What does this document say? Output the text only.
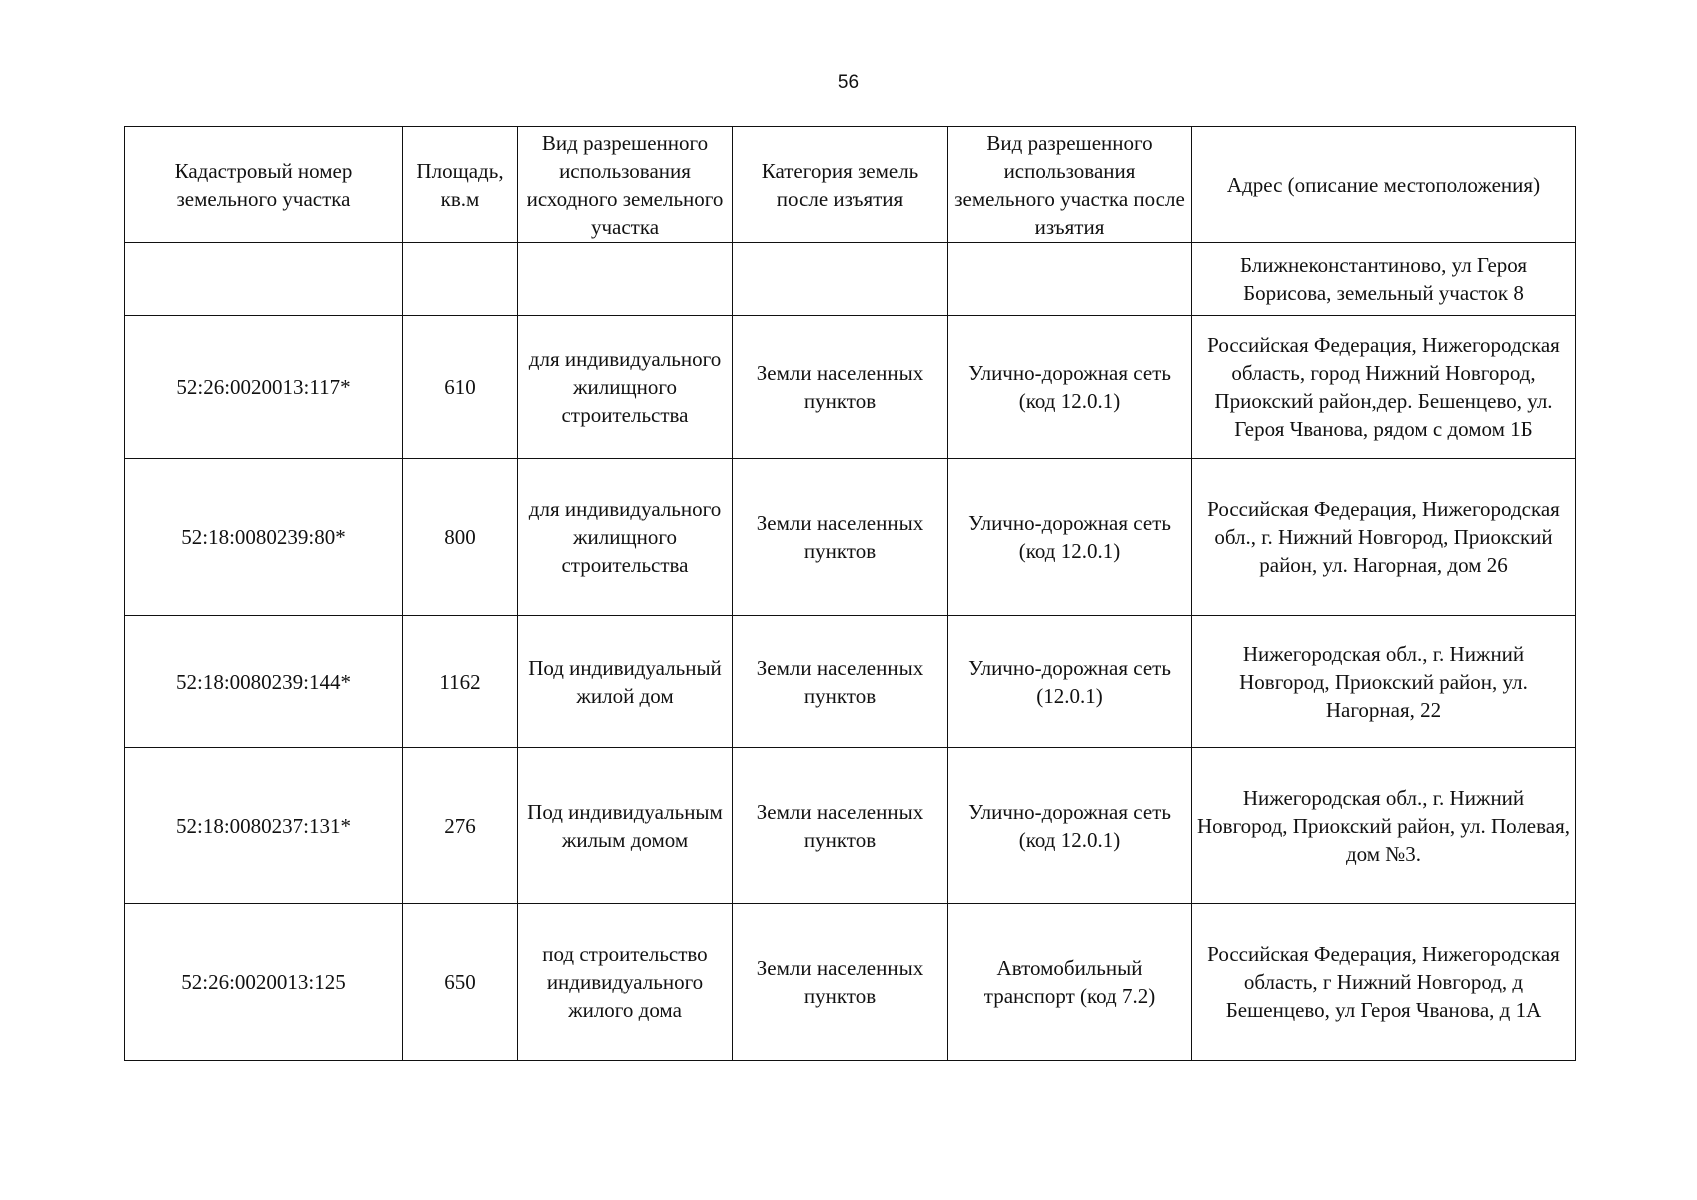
56
Кадастровый номер земельного участка	Площадь, кв.м	Вид разрешенного использования исходного земельного участка	Категория земель после изъятия	Вид разрешенного использования земельного участка после изъятия	Адрес (описание местоположения)
					Ближнеконстантиново, ул Героя Борисова, земельный участок 8
52:26:0020013:117*	610	для индивидуального жилищного строительства	Земли населенных пунктов	Улично-дорожная сеть (код 12.0.1)	Российская Федерация, Нижегородская область, город Нижний Новгород, Приокский район,дер. Бешенцево, ул. Героя Чванова, рядом с домом 1Б
52:18:0080239:80*	800	для индивидуального жилищного строительства	Земли населенных пунктов	Улично-дорожная сеть (код 12.0.1)	Российская Федерация, Нижегородская обл., г. Нижний Новгород, Приокский район, ул. Нагорная, дом 26
52:18:0080239:144*	1162	Под индивидуальный жилой дом	Земли населенных пунктов	Улично-дорожная сеть (12.0.1)	Нижегородская обл., г. Нижний Новгород, Приокский район, ул. Нагорная, 22
52:18:0080237:131*	276	Под индивидуальным жилым домом	Земли населенных пунктов	Улично-дорожная сеть (код 12.0.1)	Нижегородская обл., г. Нижний Новгород, Приокский район, ул. Полевая, дом №3.
52:26:0020013:125	650	под строительство индивидуального жилого дома	Земли населенных пунктов	Автомобильный транспорт (код 7.2)	Российская Федерация, Нижегородская область, г Нижний Новгород, д Бешенцево, ул Героя Чванова, д 1А
